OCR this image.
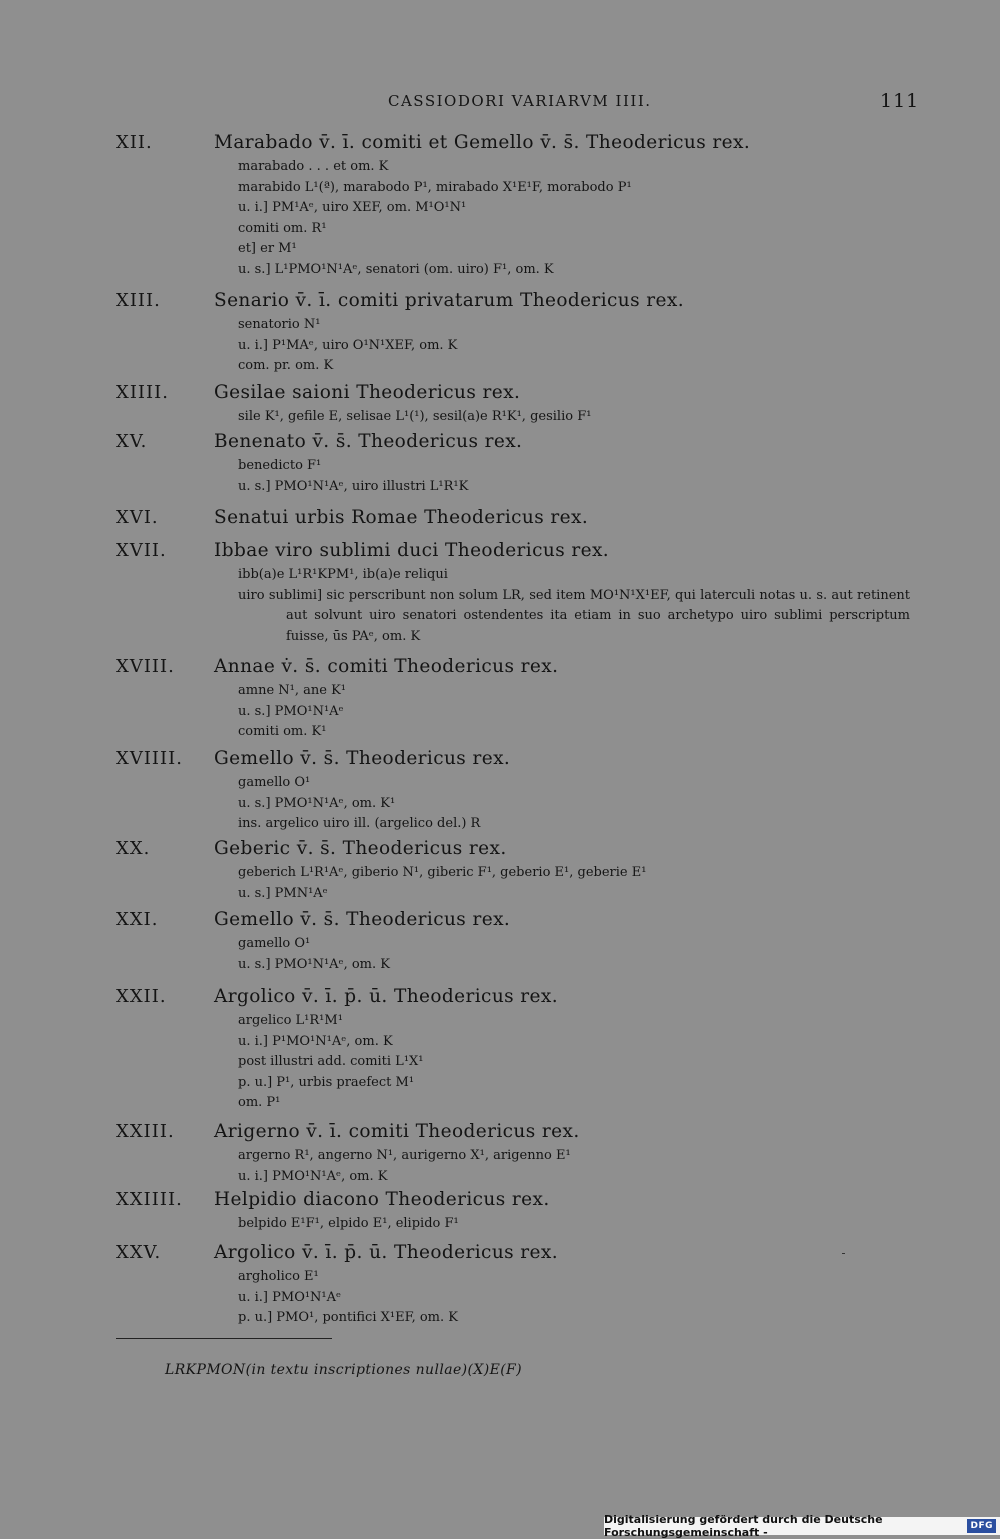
CASSIODORI VARIARVM IIII.	111
XII.	Marabado v̄. ī. comiti et Gemello v̄. s̄. Theodericus rex.
marabado . . . et om. K
marabido L¹(ª), marabodo P¹, mirabado X¹E¹F, morabodo P¹
u. i.] PM¹Aᵉ, uiro XEF, om. M¹O¹N¹
comiti om. R¹
et] er M¹
u. s.] L¹PMO¹N¹Aᵉ, senatori (om. uiro) F¹, om. K
XIII.	Senario v̄. ī. comiti privatarum Theodericus rex.
senatorio N¹
u. i.] P¹MAᵉ, uiro O¹N¹XEF, om. K
com. pr. om. K
XIIII. Gesilae saioni Theodericus rex.
sile K¹, gefile E, selisae L¹(¹), sesil(a)e R¹K¹, gesilio F¹
XV.	Benenato v̄. s̄. Theodericus rex.
benedicto F¹
u. s.] PMO¹N¹Aᵉ, uiro illustri L¹R¹K
XVI.	Senatui urbis Romae Theodericus rex.
XVII.	Ibbae viro sublimi duci Theodericus rex.
ibb(a)e L¹R¹KPM¹, ib(a)e reliqui
uiro sublimi] sic perscribunt non solum LR, sed item MO¹N¹X¹EF, qui laterculi notas u. s. aut retinent aut solvunt uiro senatori ostendentes ita etiam in suo archetypo uiro sublimi perscriptum fuisse, ūs PAᵉ, om. K
XVIII. Annae v̇. s̄. comiti Theodericus rex.
amne N¹, ane K¹
u. s.] PMO¹N¹Aᵉ
comiti om. K¹
XVIIII. Gemello v̄. s̄. Theodericus rex.
gamello O¹
u. s.] PMO¹N¹Aᵉ, om. K¹
ins. argelico uiro ill. (argelico del.) R
XX.	Geberic v̄. s̄. Theodericus rex.
geberich L¹R¹Aᵉ, giberio N¹, giberic F¹, geberio E¹, geberie E¹
u. s.] PMN¹Aᵉ
XXI.	Gemello v̄. s̄. Theodericus rex.
gamello O¹
u. s.] PMO¹N¹Aᵉ, om. K
XXII.	Argolico v̄. ī. p̄. ū. Theodericus rex.
argelico L¹R¹M¹
u. i.] P¹MO¹N¹Aᵉ, om. K
post illustri add. comiti L¹X¹
p. u.] P¹, urbis praefect M¹
om. P¹
XXIII. Arigerno v̄. ī. comiti Theodericus rex.
argerno R¹, angerno N¹, aurigerno X¹, arigenno E¹
u. i.] PMO¹N¹Aᵉ, om. K
XXIIII. Helpidio diacono Theodericus rex.
belpido E¹F¹, elpido E¹, elipido F¹
XXV.	Argolico v̄. ī. p̄. ū. Theodericus rex.
argholico E¹
u. i.] PMO¹N¹Aᵉ
p. u.] PMO¹, pontifici X¹EF, om. K
LRKPMON(in textu inscriptiones nullae)(X)E(F)
Digitalisierung gefördert durch die Deutsche Forschungsgemeinschaft -	DFG
